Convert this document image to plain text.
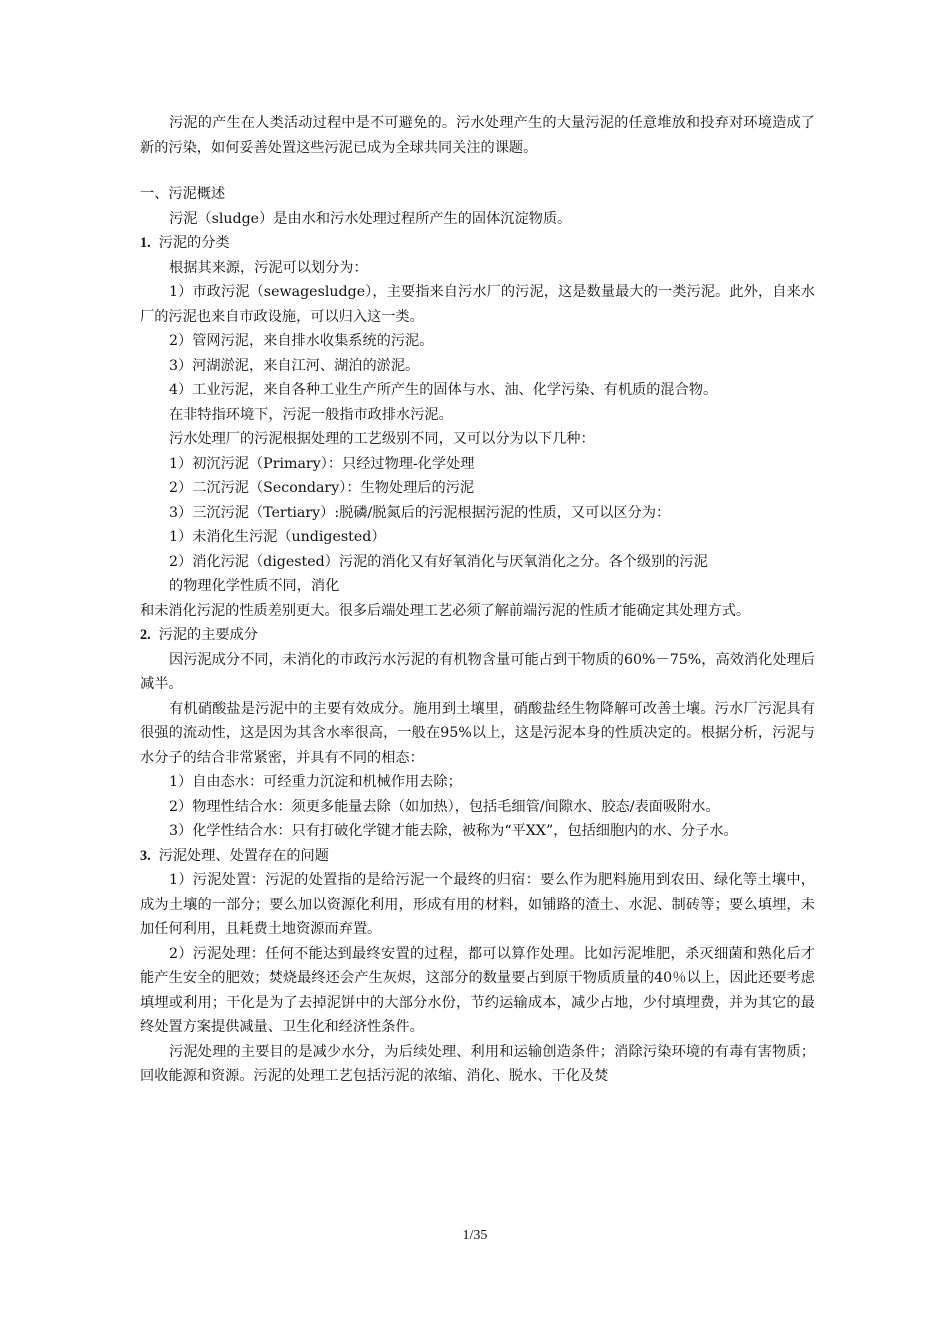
污泥的产生在人类活动过程中是不可避免的。污水处理产生的大量污泥的任意堆放和投弃对环境造成了新的污染，如何妥善处置这些污泥已成为全球共同关注的课题。

一、污泥概述

污泥（sludge）是由水和污水处理过程所产生的固体沉淀物质。

1. 污泥的分类

根据其来源，污泥可以划分为：

1）市政污泥（sewagesludge），主要指来自污水厂的污泥，这是数量最大的一类污泥。此外，自来水厂的污泥也来自市政设施，可以归入这一类。

2）管网污泥，来自排水收集系统的污泥。

3）河湖淤泥，来自江河、湖泊的淤泥。

4）工业污泥，来自各种工业生产所产生的固体与水、油、化学污染、有机质的混合物。

在非特指环境下，污泥一般指市政排水污泥。

污水处理厂的污泥根据处理的工艺级别不同，又可以分为以下几种：

1）初沉污泥（Primary）：只经过物理-化学处理

2）二沉污泥（Secondary）：生物处理后的污泥

3）三沉污泥（Tertiary）:脱磷/脱氮后的污泥根据污泥的性质，又可以区分为：

1）未消化生污泥（undigested）

2）消化污泥（digested）污泥的消化又有好氧消化与厌氧消化之分。各个级别的污泥

的物理化学性质不同，消化

和未消化污泥的性质差别更大。很多后端处理工艺必须了解前端污泥的性质才能确定其处理方式。

2. 污泥的主要成分

因污泥成分不同，未消化的市政污水污泥的有机物含量可能占到干物质的60%－75%，高效消化处理后减半。

有机硝酸盐是污泥中的主要有效成分。施用到土壤里，硝酸盐经生物降解可改善土壤。污水厂污泥具有很强的流动性，这是因为其含水率很高，一般在95%以上，这是污泥本身的性质决定的。根据分析，污泥与水分子的结合非常紧密，并具有不同的相态：

1）自由态水：可经重力沉淀和机械作用去除；

2）物理性结合水：须更多能量去除（如加热），包括毛细管/间隙水、胶态/表面吸附水。

3）化学性结合水：只有打破化学键才能去除，被称为“平XX”，包括细胞内的水、分子水。

3. 污泥处理、处置存在的问题

1）污泥处置：污泥的处置指的是给污泥一个最终的归宿：要么作为肥料施用到农田、绿化等土壤中，成为土壤的一部分；要么加以资源化利用，形成有用的材料，如铺路的渣土、水泥、制砖等；要么填埋，未加任何利用，且耗费土地资源而弃置。

2）污泥处理：任何不能达到最终安置的过程，都可以算作处理。比如污泥堆肥，杀灭细菌和熟化后才能产生安全的肥效；焚烧最终还会产生灰烬，这部分的数量要占到原干物质质量的40％以上，因此还要考虑填埋或利用；干化是为了去掉泥饼中的大部分水份，节约运输成本，减少占地，少付填埋费，并为其它的最终处置方案提供减量、卫生化和经济性条件。

污泥处理的主要目的是减少水分，为后续处理、利用和运输创造条件；消除污染环境的有毒有害物质；回收能源和资源。污泥的处理工艺包括污泥的浓缩、消化、脱水、干化及焚

1/35
